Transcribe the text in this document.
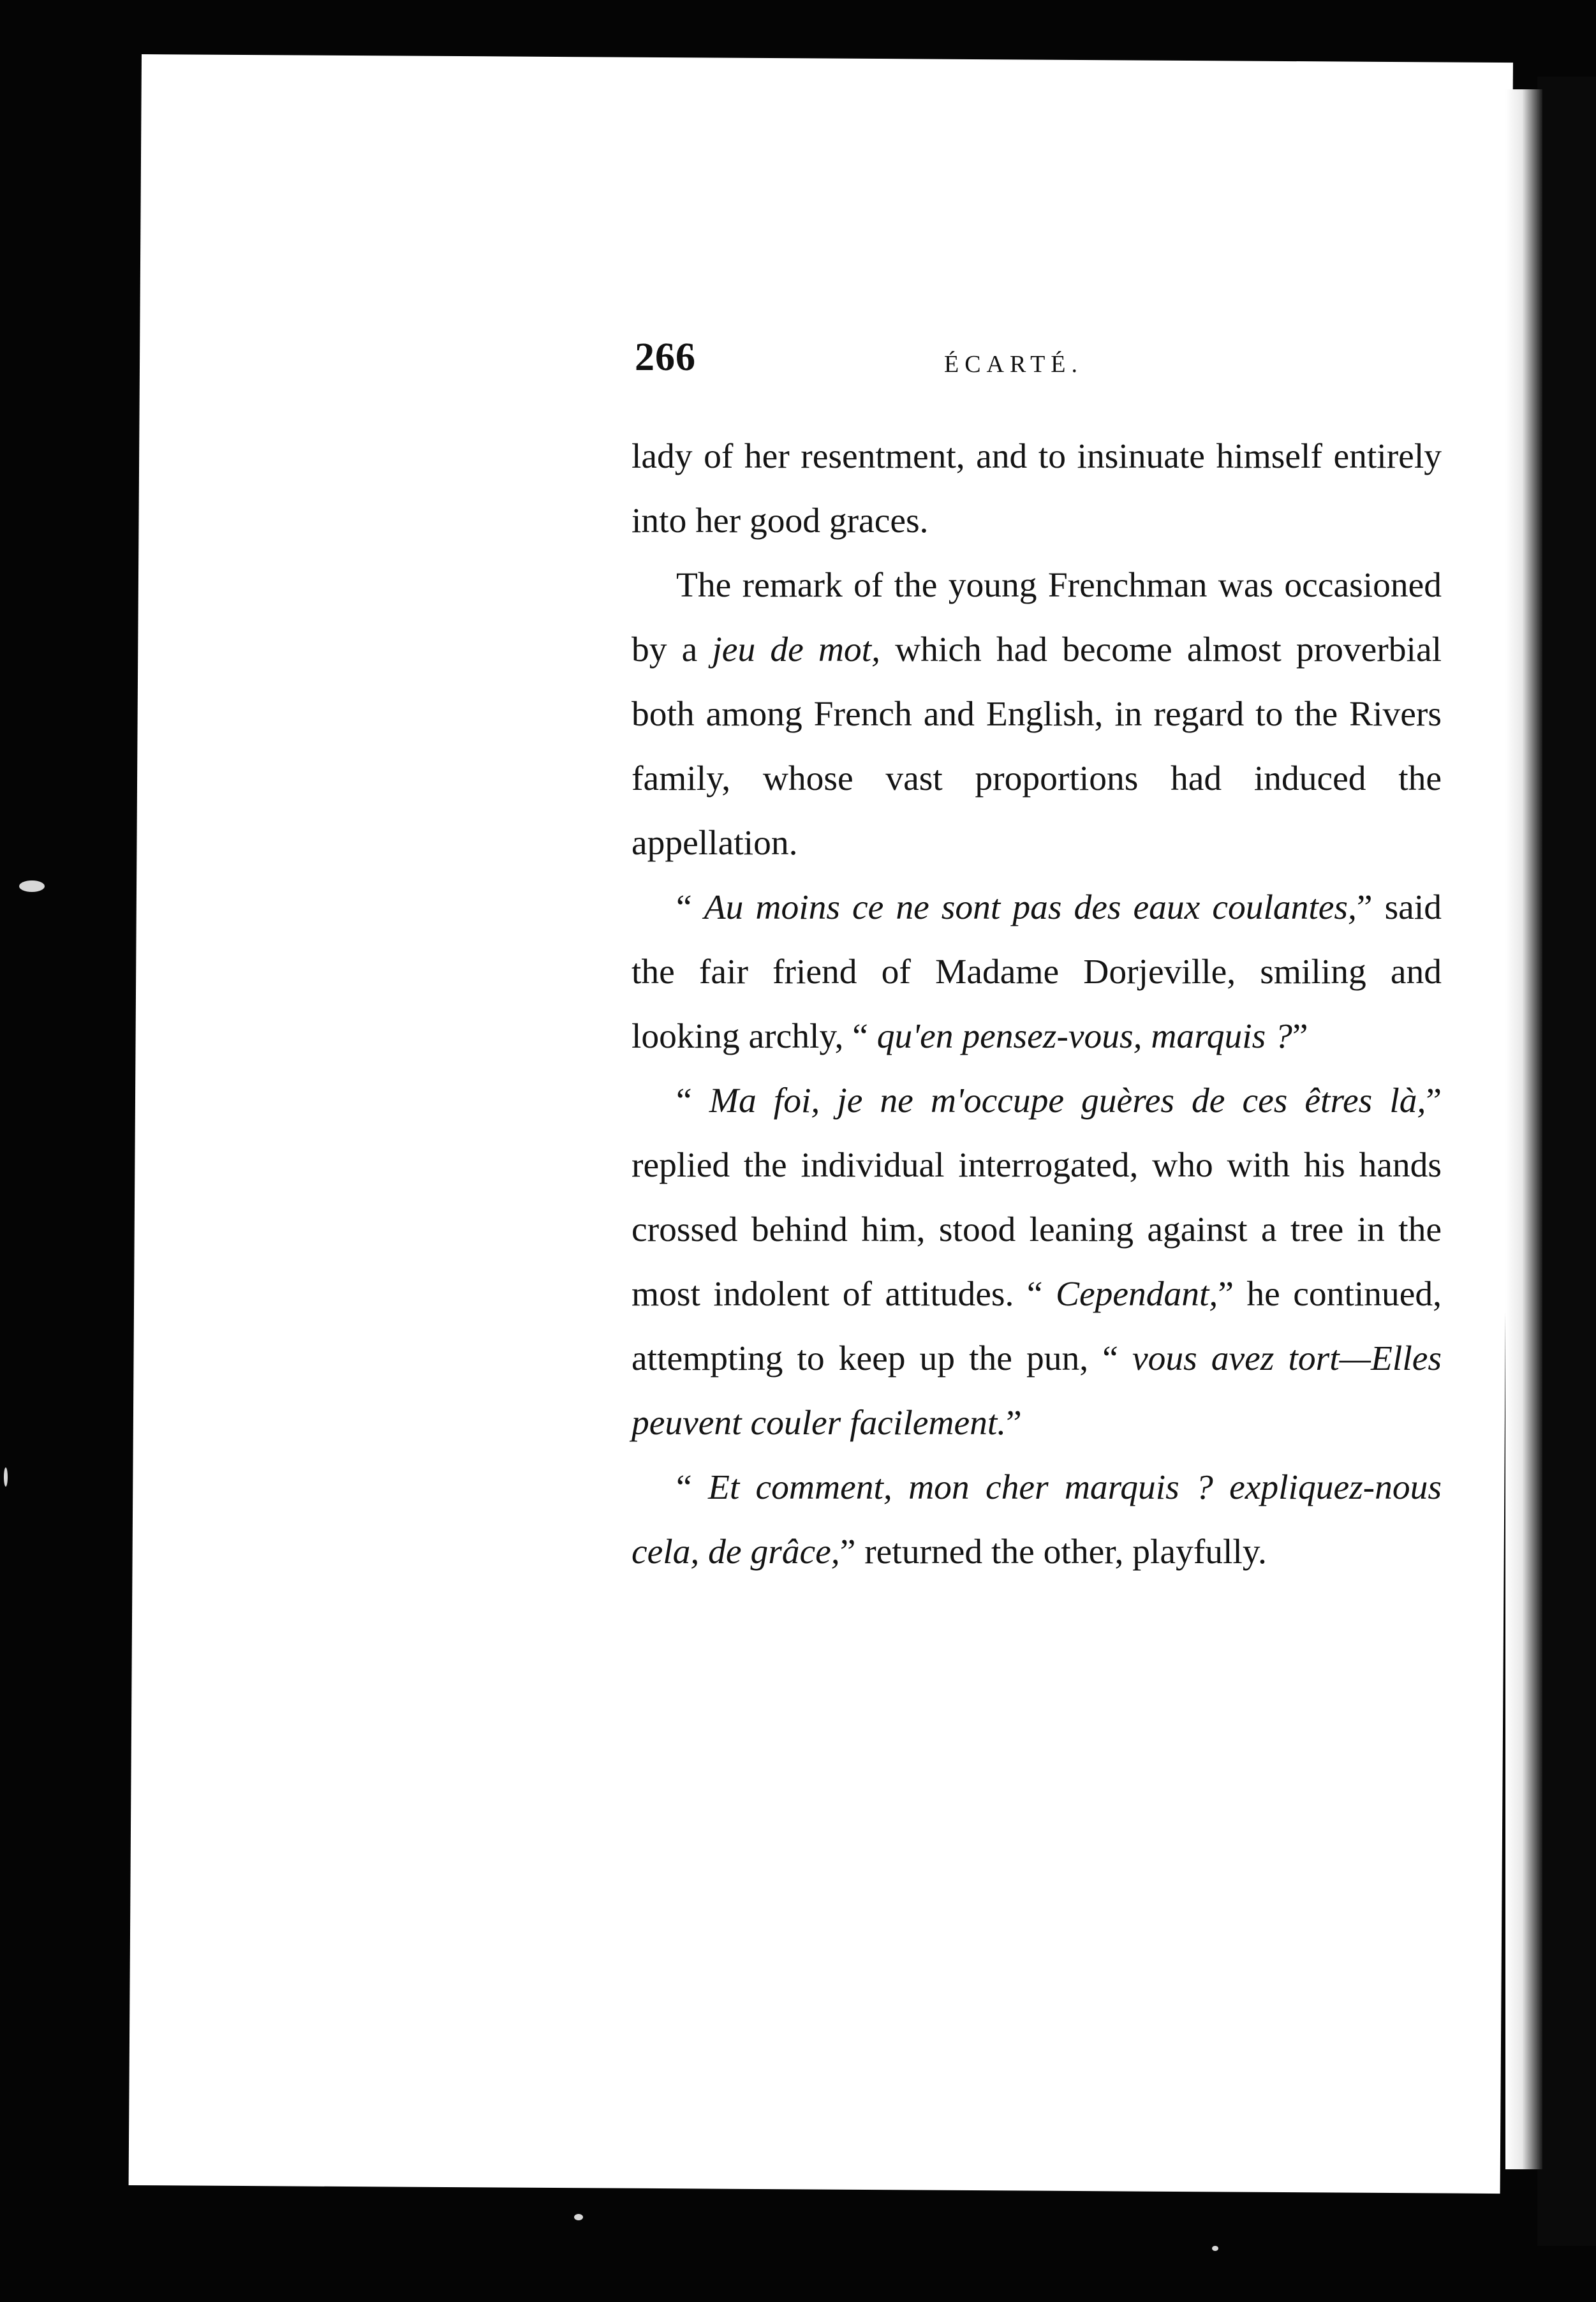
266	ÉCARTÉ.

lady of her resentment, and to insinuate himself entirely into her good graces.

The remark of the young Frenchman was occasioned by a jeu de mot, which had become almost proverbial both among French and English, in regard to the Rivers family, whose vast proportions had induced the appellation.

“ Au moins ce ne sont pas des eaux coulantes,” said the fair friend of Madame Dorjeville, smiling and looking archly, “ qu'en pensez-vous, marquis ?”

“ Ma foi, je ne m'occupe guères de ces êtres là,” replied the individual interrogated, who with his hands crossed behind him, stood leaning against a tree in the most indolent of attitudes. “ Cependant,” he continued, attempting to keep up the pun, “ vous avez tort—Elles peuvent couler facilement.”

“ Et comment, mon cher marquis ? expliquez-nous cela, de grâce,” returned the other, playfully.
